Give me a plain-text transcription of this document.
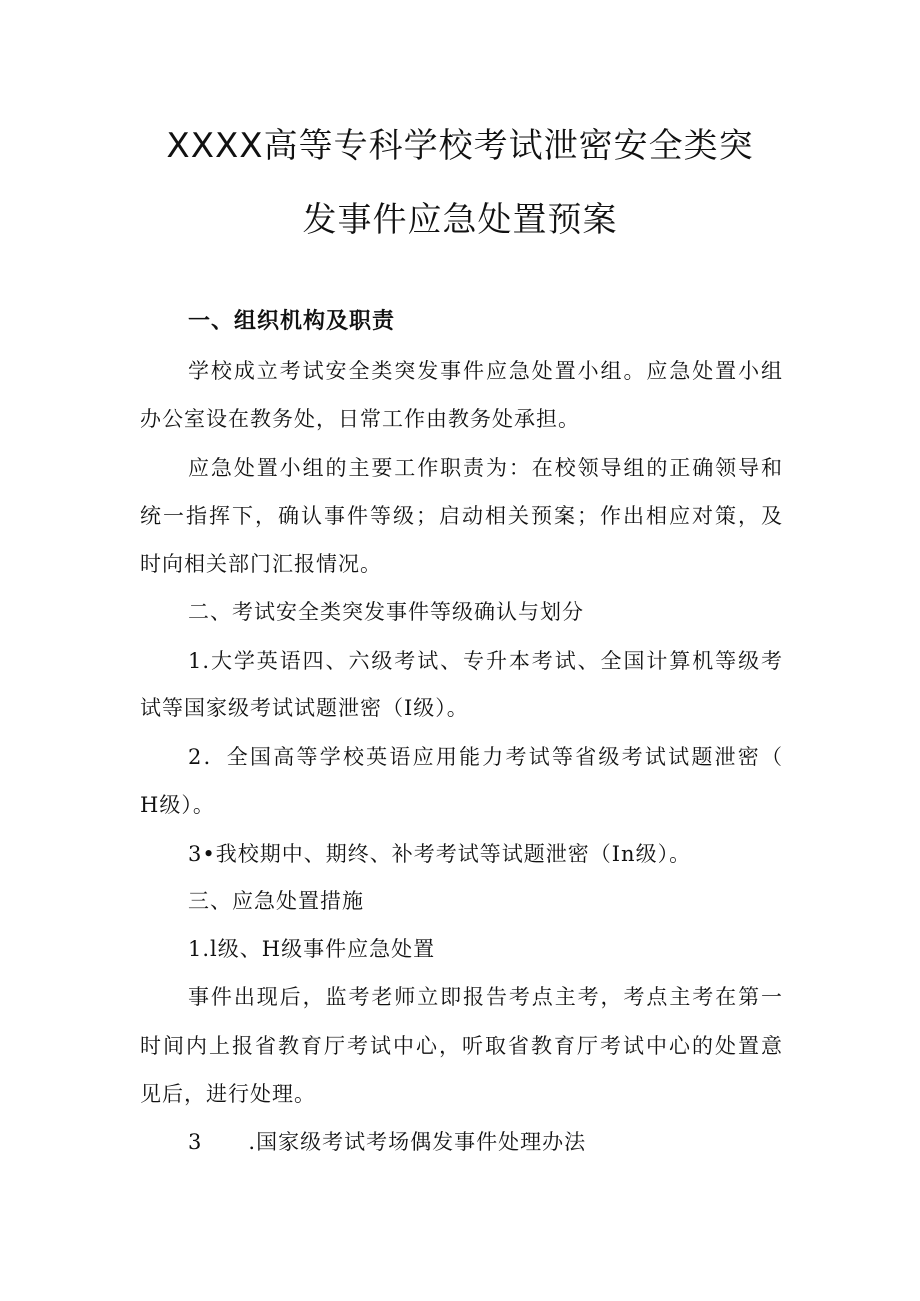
XXXX高等专科学校考试泄密安全类突
发事件应急处置预案
一、组织机构及职责
学校成立考试安全类突发事件应急处置小组。应急处置小组
办公室设在教务处，日常工作由教务处承担。
应急处置小组的主要工作职责为：在校领导组的正确领导和
统一指挥下，确认事件等级；启动相关预案；作出相应对策，及
时向相关部门汇报情况。
二、考试安全类突发事件等级确认与划分
1.大学英语四、六级考试、专升本考试、全国计算机等级考
试等国家级考试试题泄密（I级）。
2．全国高等学校英语应用能力考试等省级考试试题泄密（
H级）。
3•我校期中、期终、补考考试等试题泄密（In级）。
三、应急处置措施
1.l级、H级事件应急处置
事件出现后，监考老师立即报告考点主考，考点主考在第一
时间内上报省教育厅考试中心，听取省教育厅考试中心的处置意
见后，进行处理。
3      .国家级考试考场偶发事件处理办法
